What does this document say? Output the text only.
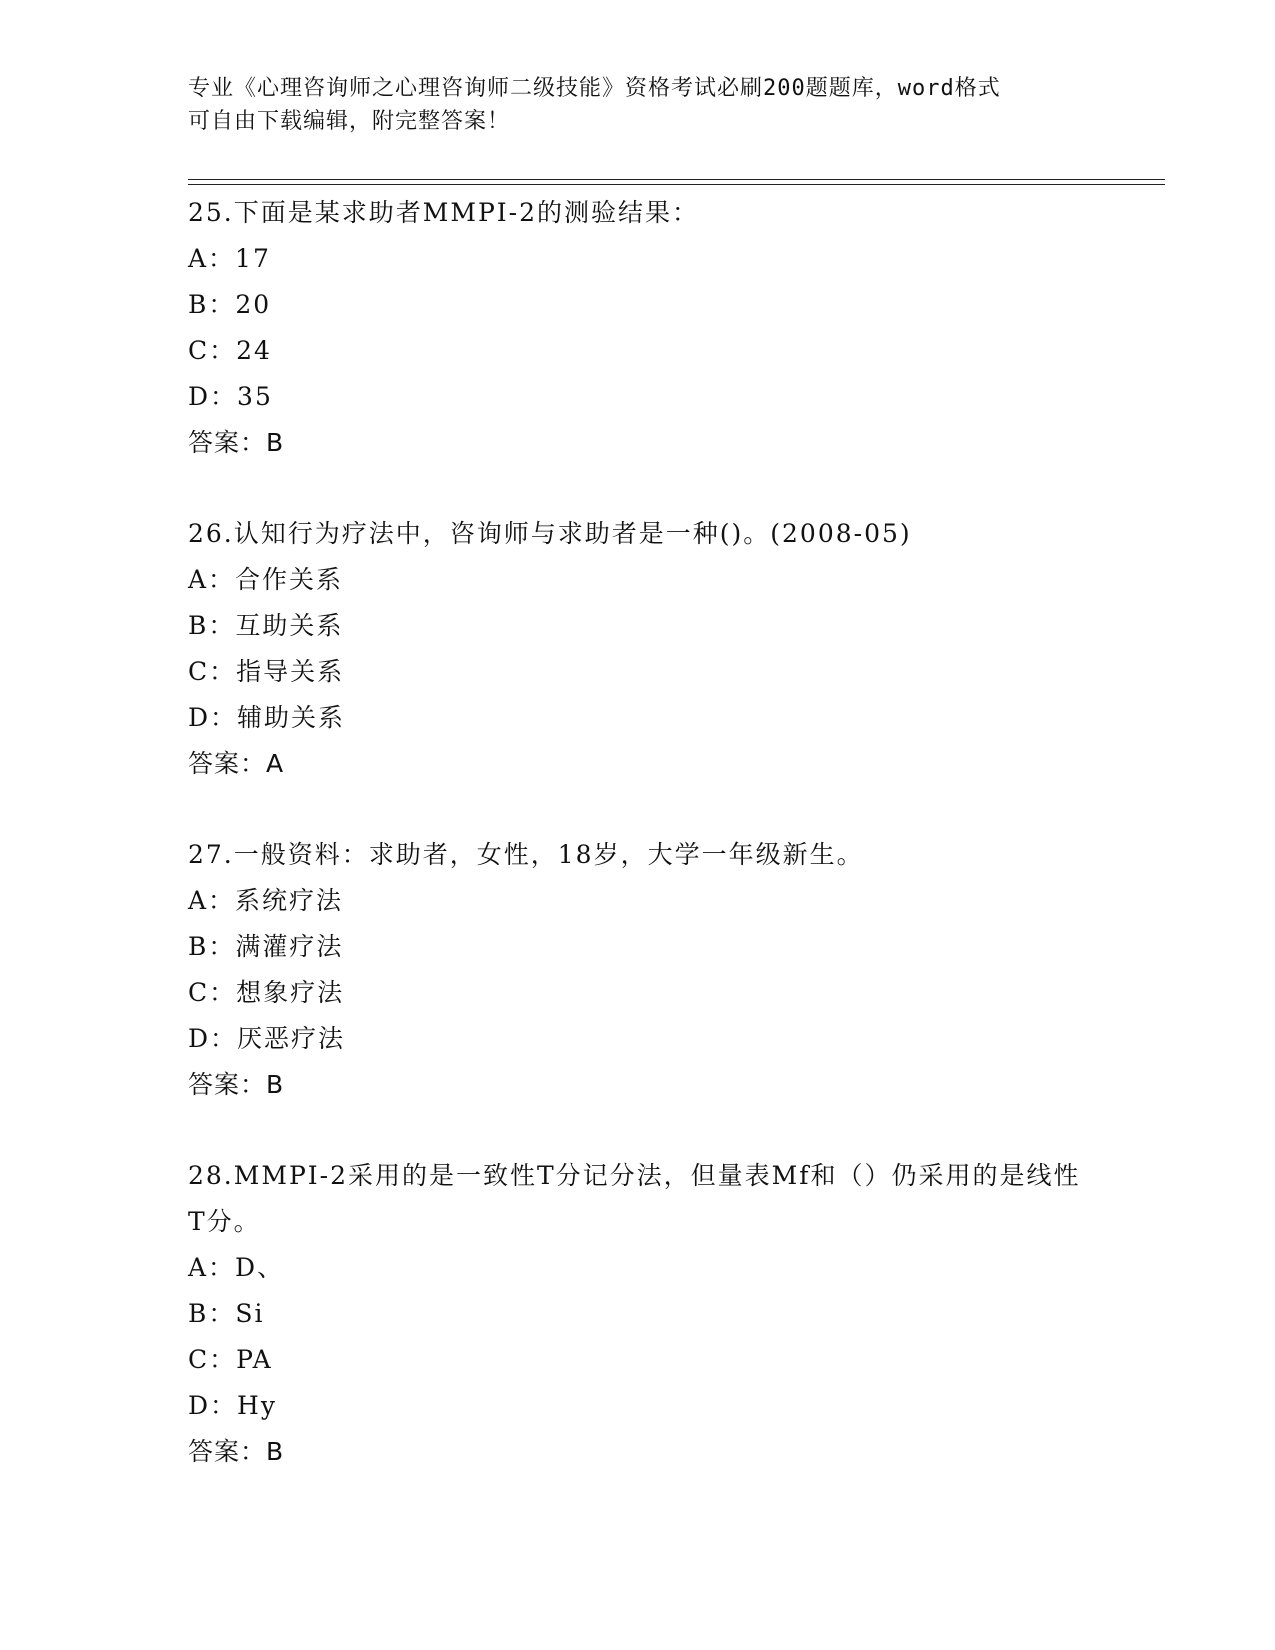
专业《心理咨询师之心理咨询师二级技能》资格考试必刷200题题库，word格式
可自由下载编辑，附完整答案！

25.下面是某求助者MMPI-2的测验结果：

A：17

B：20

C：24

D：35

答案：B

26.认知行为疗法中，咨询师与求助者是一种()。(2008-05)

A：合作关系

B：互助关系

C：指导关系

D：辅助关系

答案：A

27.一般资料：求助者，女性，18岁，大学一年级新生。

A：系统疗法

B：满灌疗法

C：想象疗法

D：厌恶疗法

答案：B

28.MMPI-2采用的是一致性T分记分法，但量表Mf和（）仍采用的是线性T分。

A：D、

B：Si

C：PA

D：Hy

答案：B
